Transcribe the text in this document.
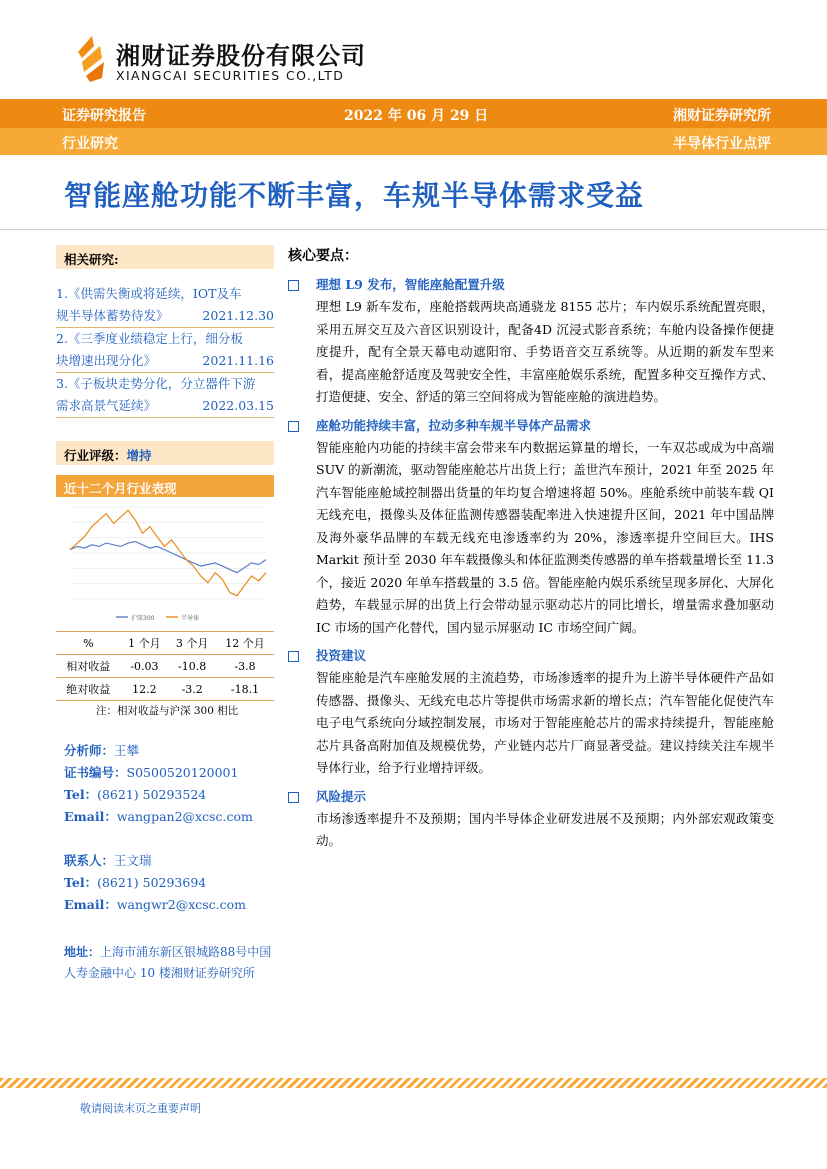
湘财证券股份有限公司
XIANGCAI SECURITIES CO.,LTD
证券研究报告	2022 年 06 月 29 日	湘财证券研究所
行业研究	半导体行业点评
智能座舱功能不断丰富，车规半导体需求受益
相关研究:
1.《供需失衡或将延续，IOT及车
规半导体蓄势待发》	2021.12.30
2.《三季度业绩稳定上行，细分板
块增速出现分化》	2021.11.16
3.《子板块走势分化，分立器件下游
需求高景气延续》	2022.03.15
行业评级：增持
近十二个月行业表现
沪深300	半导体
%	1 个月	3 个月	12 个月
相对收益	-0.03	-10.8	-3.8
绝对收益	12.2	-3.2	-18.1
注：相对收益与沪深 300 相比
分析师：王攀
证书编号：S0500520120001
Tel：(8621) 50293524
Email：wangpan2@xcsc.com
联系人：王文瑞
Tel：(8621) 50293694
Email：wangwr2@xcsc.com
地址：上海市浦东新区银城路88号中国人寿金融中心 10 楼湘财证券研究所
核心要点：
理想 L9 发布，智能座舱配置升级
理想 L9 新车发布，座舱搭载两块高通骁龙 8155 芯片；车内娱乐系统配置亮眼，采用五屏交互及六音区识别设计，配备4D 沉浸式影音系统；车舱内设备操作便捷度提升，配有全景天幕电动遮阳帘、手势语音交互系统等。从近期的新发车型来看，提高座舱舒适度及驾驶安全性，丰富座舱娱乐系统，配置多种交互操作方式、打造便捷、安全、舒适的第三空间将成为智能座舱的演进趋势。
座舱功能持续丰富，拉动多种车规半导体产品需求
智能座舱内功能的持续丰富会带来车内数据运算量的增长，一车双芯或成为中高端SUV 的新潮流，驱动智能座舱芯片出货上行；盖世汽车预计，2021 年至 2025 年汽车智能座舱域控制器出货量的年均复合增速将超 50%。座舱系统中前装车载 QI 无线充电，摄像头及体征监测传感器装配率进入快速提升区间，2021 年中国品牌及海外豪华品牌的车载无线充电渗透率约为 20%，渗透率提升空间巨大。IHS Markit 预计至 2030 年车载摄像头和体征监测类传感器的单车搭载量增长至 11.3 个，接近 2020 年单车搭载量的 3.5 倍。智能座舱内娱乐系统呈现多屏化、大屏化趋势，车载显示屏的出货上行会带动显示驱动芯片的同比增长，增量需求叠加驱动 IC 市场的国产化替代，国内显示屏驱动 IC 市场空间广阔。
投资建议
智能座舱是汽车座舱发展的主流趋势，市场渗透率的提升为上游半导体硬件产品如传感器、摄像头、无线充电芯片等提供市场需求新的增长点；汽车智能化促使汽车电子电气系统向分域控制发展，市场对于智能座舱芯片的需求持续提升，智能座舱芯片具备高附加值及规模优势，产业链内芯片厂商显著受益。建议持续关注车规半导体行业，给予行业增持评级。
风险提示
市场渗透率提升不及预期；国内半导体企业研发进展不及预期；内外部宏观政策变动。
敬请阅读末页之重要声明
